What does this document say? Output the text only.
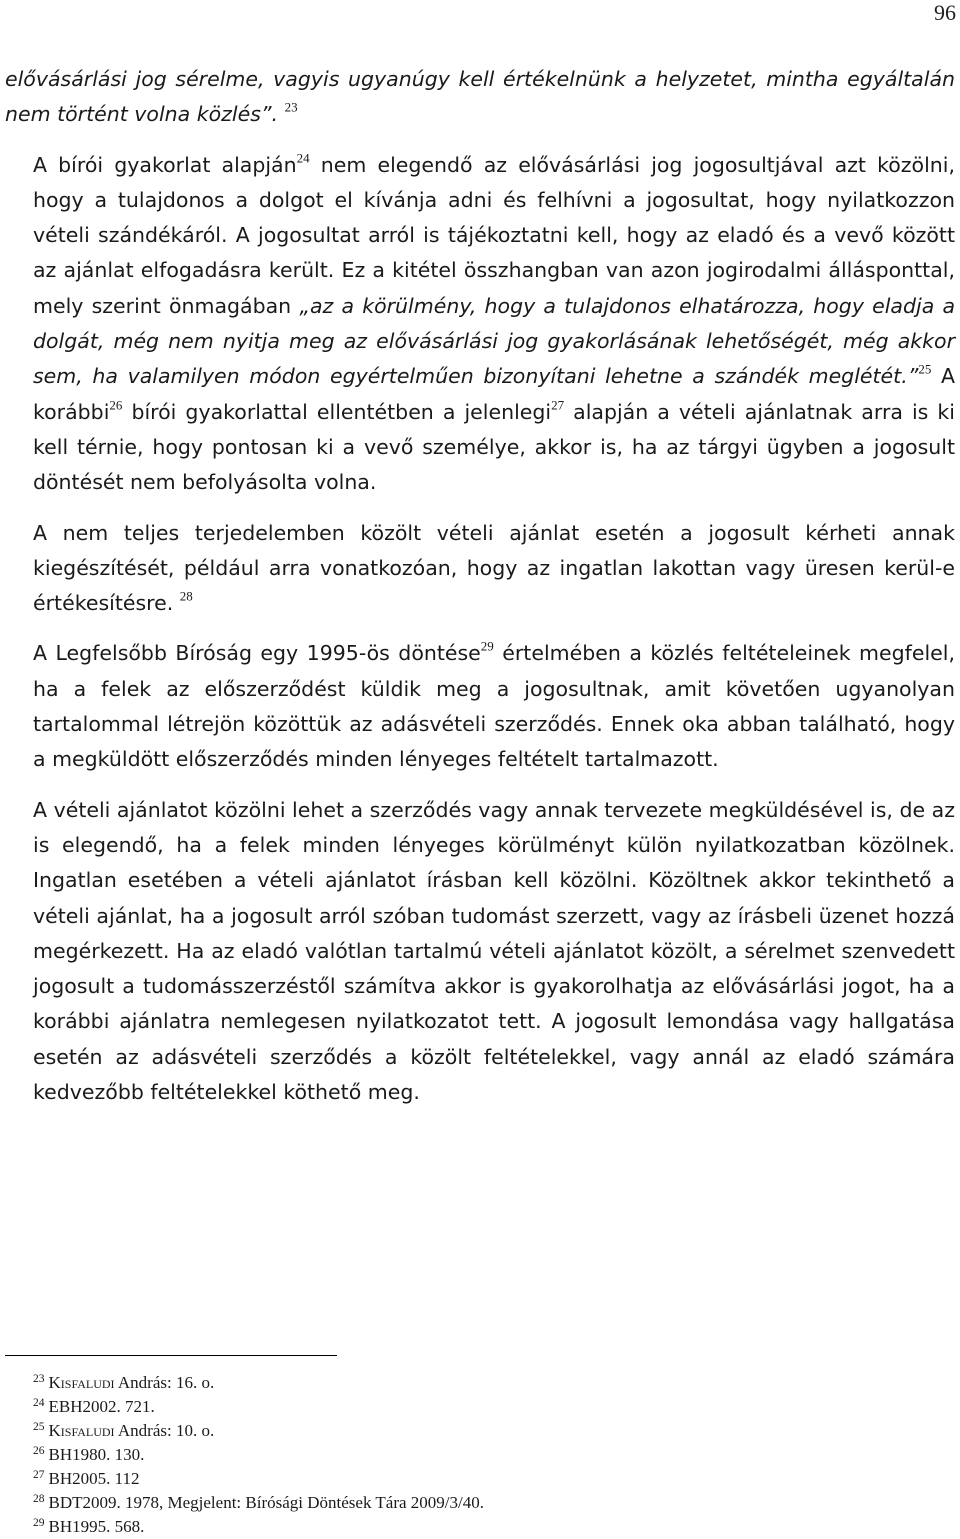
96

elővásárlási jog sérelme, vagyis ugyanúgy kell értékelnünk a helyzetet, mintha egyáltalán nem történt volna közlés”. $^{23}$

A bírói gyakorlat alapján$^{24}$ nem elegendő az elővásárlási jog jogosultjával azt közölni, hogy a tulajdonos a dolgot el kívánja adni és felhívni a jogosultat, hogy nyilatkozzon vételi szándékáról. A jogosultat arról is tájékoztatni kell, hogy az eladó és a vevő között az ajánlat elfogadásra került. Ez a kitétel összhangban van azon jogirodalmi állásponttal, mely szerint önmagában „az a körülmény, hogy a tulajdonos elhatározza, hogy eladja a dolgát, még nem nyitja meg az elővásárlási jog gyakorlásának lehetőségét, még akkor sem, ha valamilyen módon egyértelműen bizonyítani lehetne a szándék meglétét.”$^{25}$ A korábbi$^{26}$ bírói gyakorlattal ellentétben a jelenlegi$^{27}$ alapján a vételi ajánlatnak arra is ki kell térnie, hogy pontosan ki a vevő személye, akkor is, ha az tárgyi ügyben a jogosult döntését nem befolyásolta volna.

A nem teljes terjedelemben közölt vételi ajánlat esetén a jogosult kérheti annak kiegészítését, például arra vonatkozóan, hogy az ingatlan lakottan vagy üresen kerül-e értékesítésre. $^{28}$

A Legfelsőbb Bíróság egy 1995-ös döntése$^{29}$ értelmében a közlés feltételeinek megfelel, ha a felek az előszerződést küldik meg a jogosultnak, amit követően ugyanolyan tartalommal létrejön közöttük az adásvételi szerződés. Ennek oka abban található, hogy a megküldött előszerződés minden lényeges feltételt tartalmazott.

A vételi ajánlatot közölni lehet a szerződés vagy annak tervezete megküldésével is, de az is elegendő, ha a felek minden lényeges körülményt külön nyilatkozatban közölnek. Ingatlan esetében a vételi ajánlatot írásban kell közölni. Közöltnek akkor tekinthető a vételi ajánlat, ha a jogosult arról szóban tudomást szerzett, vagy az írásbeli üzenet hozzá megérkezett. Ha az eladó valótlan tartalmú vételi ajánlatot közölt, a sérelmet szenvedett jogosult a tudomásszerzéstől számítva akkor is gyakorolhatja az elővásárlási jogot, ha a korábbi ajánlatra nemlegesen nyilatkozatot tett. A jogosult lemondása vagy hallgatása esetén az adásvételi szerződés a közölt feltételekkel, vagy annál az eladó számára kedvezőbb feltételekkel köthető meg.

$^{23}$ Kisfaludi András: 16. o.
$^{24}$ EBH2002. 721.
$^{25}$ Kisfaludi András: 10. o.
$^{26}$ BH1980. 130.
$^{27}$ BH2005. 112
$^{28}$ BDT2009. 1978, Megjelent: Bírósági Döntések Tára 2009/3/40.
$^{29}$ BH1995. 568.
